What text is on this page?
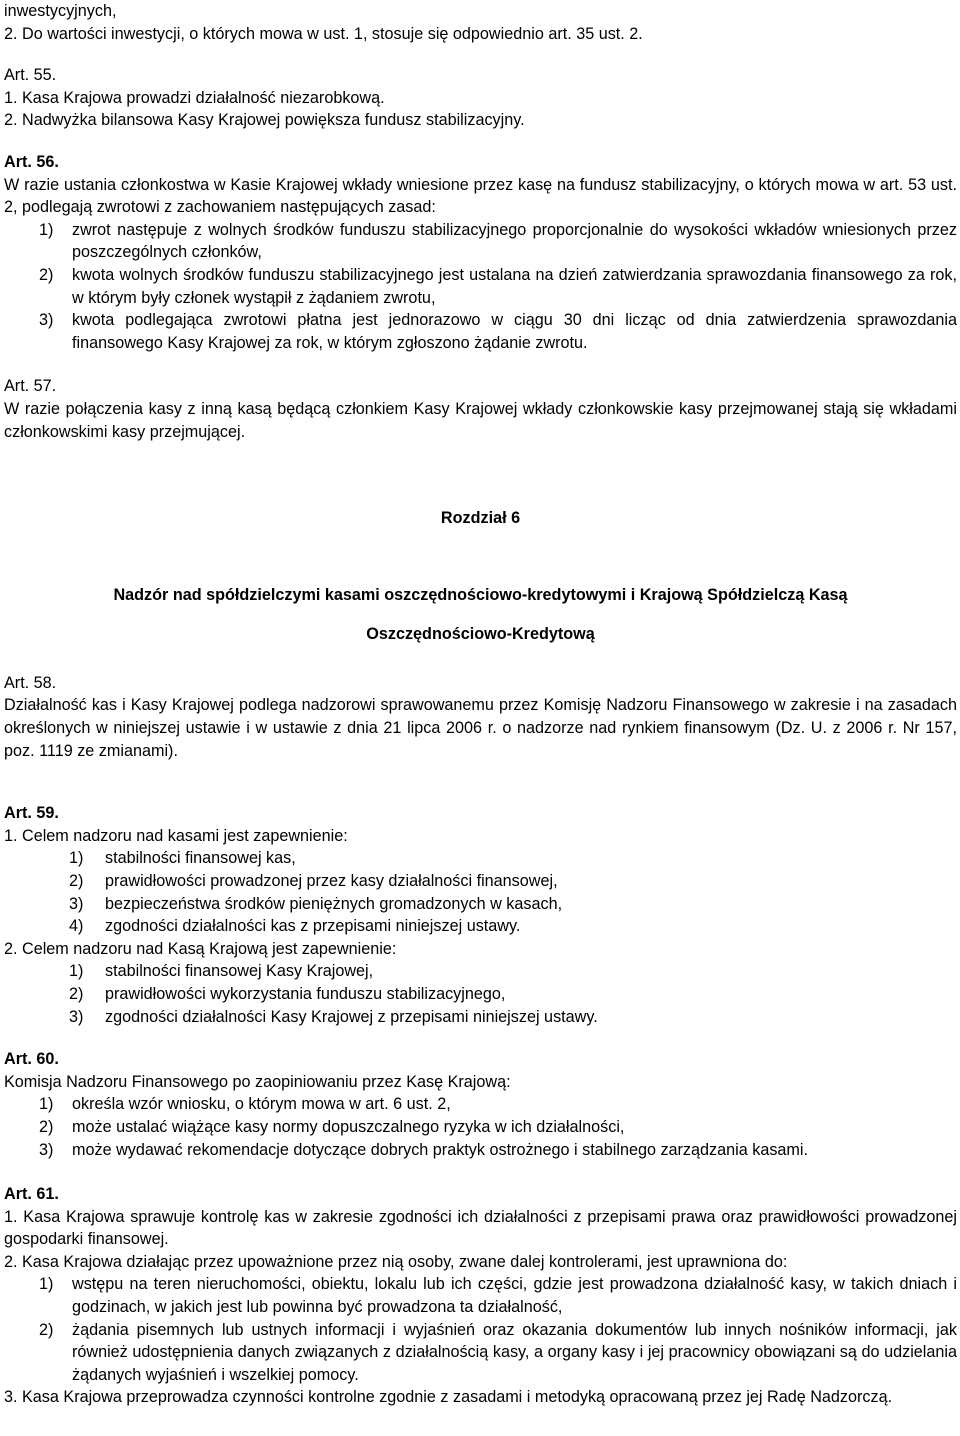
inwestycyjnych,

2. Do wartości inwestycji, o których mowa w ust. 1, stosuje się odpowiednio art. 35 ust. 2.

Art. 55.

1. Kasa Krajowa prowadzi działalność niezarobkową.

2. Nadwyżka bilansowa Kasy Krajowej powiększa fundusz stabilizacyjny.

Art. 56.

W razie ustania członkostwa w Kasie Krajowej wkłady wniesione przez kasę na fundusz stabilizacyjny, o których mowa w art. 53 ust. 2, podlegają zwrotowi z zachowaniem następujących zasad:

1)	zwrot następuje z wolnych środków funduszu stabilizacyjnego proporcjonalnie do wysokości wkładów wniesionych przez poszczególnych członków,
2)	kwota wolnych środków funduszu stabilizacyjnego jest ustalana na dzień zatwierdzania sprawozdania finansowego za rok, w którym były członek wystąpił z żądaniem zwrotu,
3)	kwota podlegająca zwrotowi płatna jest jednorazowo w ciągu 30 dni licząc od dnia zatwierdzenia sprawozdania finansowego Kasy Krajowej za rok, w którym zgłoszono żądanie zwrotu.

Art. 57.

W razie połączenia kasy z inną kasą będącą członkiem Kasy Krajowej wkłady członkowskie kasy przejmowanej stają się wkładami członkowskimi kasy przejmującej.

Rozdział 6

Nadzór nad spółdzielczymi kasami oszczędnościowo-kredytowymi i Krajową Spółdzielczą Kasą

Oszczędnościowo-Kredytową

Art. 58.

Działalność kas i Kasy Krajowej podlega nadzorowi sprawowanemu przez Komisję Nadzoru Finansowego w zakresie i na zasadach określonych w niniejszej ustawie i w ustawie z dnia 21 lipca 2006 r. o nadzorze nad rynkiem finansowym (Dz. U. z 2006 r. Nr 157, poz. 1119 ze zmianami).

Art. 59.

1. Celem nadzoru nad kasami jest zapewnienie:

1)	stabilności finansowej kas,
2)	prawidłowości prowadzonej przez kasy działalności finansowej,
3)	bezpieczeństwa środków pieniężnych gromadzonych w kasach,
4)	zgodności działalności kas z przepisami niniejszej ustawy.

2. Celem nadzoru nad Kasą Krajową jest zapewnienie:

1)	stabilności finansowej Kasy Krajowej,
2)	prawidłowości wykorzystania funduszu stabilizacyjnego,
3)	zgodności działalności Kasy Krajowej z przepisami niniejszej ustawy.

Art. 60.

Komisja Nadzoru Finansowego po zaopiniowaniu przez Kasę Krajową:

1)	określa wzór wniosku, o którym mowa w art. 6 ust. 2,
2)	może ustalać wiążące kasy normy dopuszczalnego ryzyka w ich działalności,
3)	może wydawać rekomendacje dotyczące dobrych praktyk ostrożnego i stabilnego zarządzania kasami.

Art. 61.

1. Kasa Krajowa sprawuje kontrolę kas w zakresie zgodności ich działalności z przepisami prawa oraz prawidłowości prowadzonej gospodarki finansowej.

2. Kasa Krajowa działając przez upoważnione przez nią osoby, zwane dalej kontrolerami, jest uprawniona do:

1)	wstępu na teren nieruchomości, obiektu, lokalu lub ich części, gdzie jest prowadzona działalność kasy, w takich dniach i godzinach, w jakich jest lub powinna być prowadzona ta działalność,
2)	żądania pisemnych lub ustnych informacji i wyjaśnień oraz okazania dokumentów lub innych nośników informacji, jak również udostępnienia danych związanych z działalnością kasy, a organy kasy i jej pracownicy obowiązani są do udzielania żądanych wyjaśnień i wszelkiej pomocy.

3. Kasa Krajowa przeprowadza czynności kontrolne zgodnie z zasadami i metodyką opracowaną przez jej Radę Nadzorczą.
